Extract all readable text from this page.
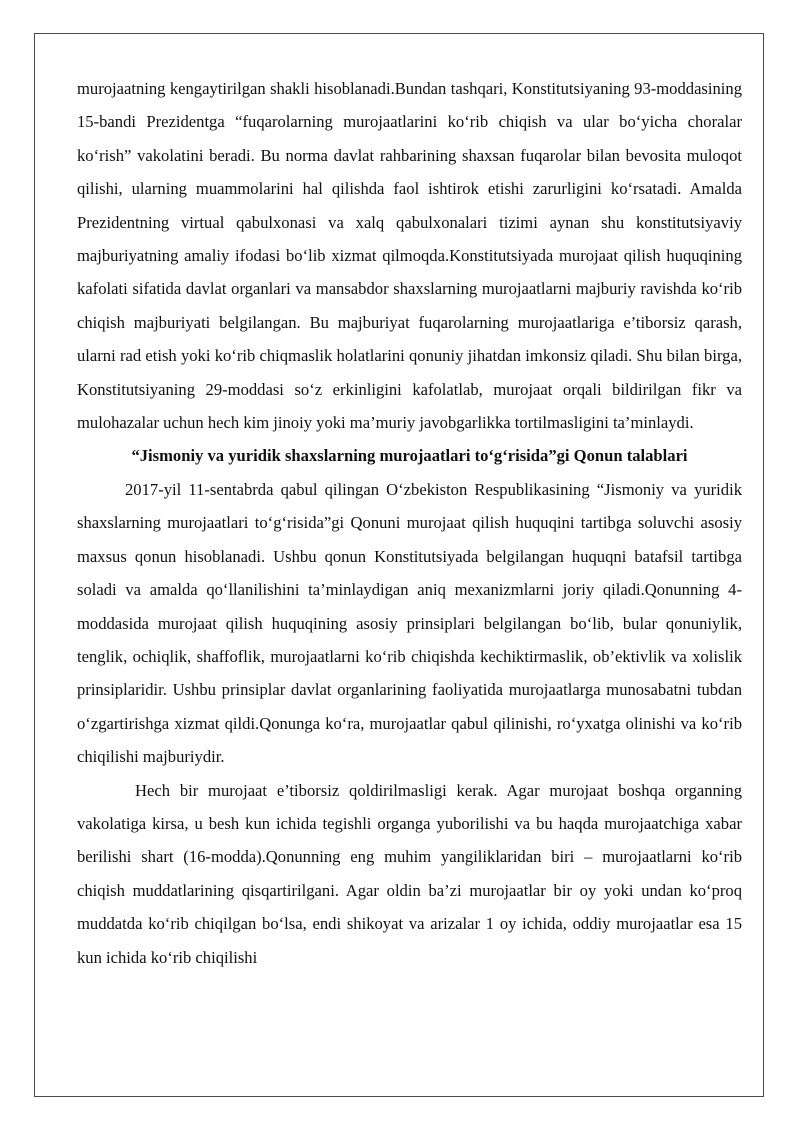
murojaatning kengaytirilgan shakli hisoblanadi.Bundan tashqari, Konstitutsiyaning 93-moddasining 15-bandi Prezidentga “fuqarolarning murojaatlarini ko‘rib chiqish va ular bo‘yicha choralar ko‘rish” vakolatini beradi. Bu norma davlat rahbarining shaxsan fuqarolar bilan bevosita muloqot qilishi, ularning muammolarini hal qilishda faol ishtirok etishi zarurligini ko‘rsatadi. Amalda Prezidentning virtual qabulxonasi va xalq qabulxonalari tizimi aynan shu konstitutsiyaviy majburiyatning amaliy ifodasi bo‘lib xizmat qilmoqda.Konstitutsiyada murojaat qilish huquqining kafolati sifatida davlat organlari va mansabdor shaxslarning murojaatlarni majburiy ravishda ko‘rib chiqish majburiyati belgilangan. Bu majburiyat fuqarolarning murojaatlariga e’tiborsiz qarash, ularni rad etish yoki ko‘rib chiqmaslik holatlarini qonuniy jihatdan imkonsiz qiladi. Shu bilan birga, Konstitutsiyaning 29-moddasi so‘z erkinligini kafolatlab, murojaat orqali bildirilgan fikr va mulohazalar uchun hech kim jinoiy yoki ma’muriy javobgarlikka tortilmasligini ta’minlaydi.

“Jismoniy va yuridik shaxslarning murojaatlari to‘g‘risida”gi Qonun talablari

2017-yil 11-sentabrda qabul qilingan O‘zbekiston Respublikasining “Jismoniy va yuridik shaxslarning murojaatlari to‘g‘risida”gi Qonuni murojaat qilish huquqini tartibga soluvchi asosiy maxsus qonun hisoblanadi. Ushbu qonun Konstitutsiyada belgilangan huquqni batafsil tartibga soladi va amalda qo‘llanilishini ta’minlaydigan aniq mexanizmlarni joriy qiladi.Qonunning 4-moddasida murojaat qilish huquqining asosiy prinsiplari belgilangan bo‘lib, bular qonuniylik, tenglik, ochiqlik, shaffoflik, murojaatlarni ko‘rib chiqishda kechiktirmaslik, ob’ektivlik va xolislik prinsiplaridir. Ushbu prinsiplar davlat organlarining faoliyatida murojaatlarga munosabatni tubdan o‘zgartirishga xizmat qildi.Qonunga ko‘ra, murojaatlar qabul qilinishi, ro‘yxatga olinishi va ko‘rib chiqilishi majburiydir.

Hech bir murojaat e’tiborsiz qoldirilmasligi kerak. Agar murojaat boshqa organning vakolatiga kirsa, u besh kun ichida tegishli organga yuborilishi va bu haqda murojaatchiga xabar berilishi shart (16-modda).Qonunning eng muhim yangiliklaridan biri – murojaatlarni ko‘rib chiqish muddatlarining qisqartirilgani. Agar oldin ba’zi murojaatlar bir oy yoki undan ko‘proq muddatda ko‘rib chiqilgan bo‘lsa, endi shikoyat va arizalar 1 oy ichida, oddiy murojaatlar esa 15 kun ichida ko‘rib chiqilishi
